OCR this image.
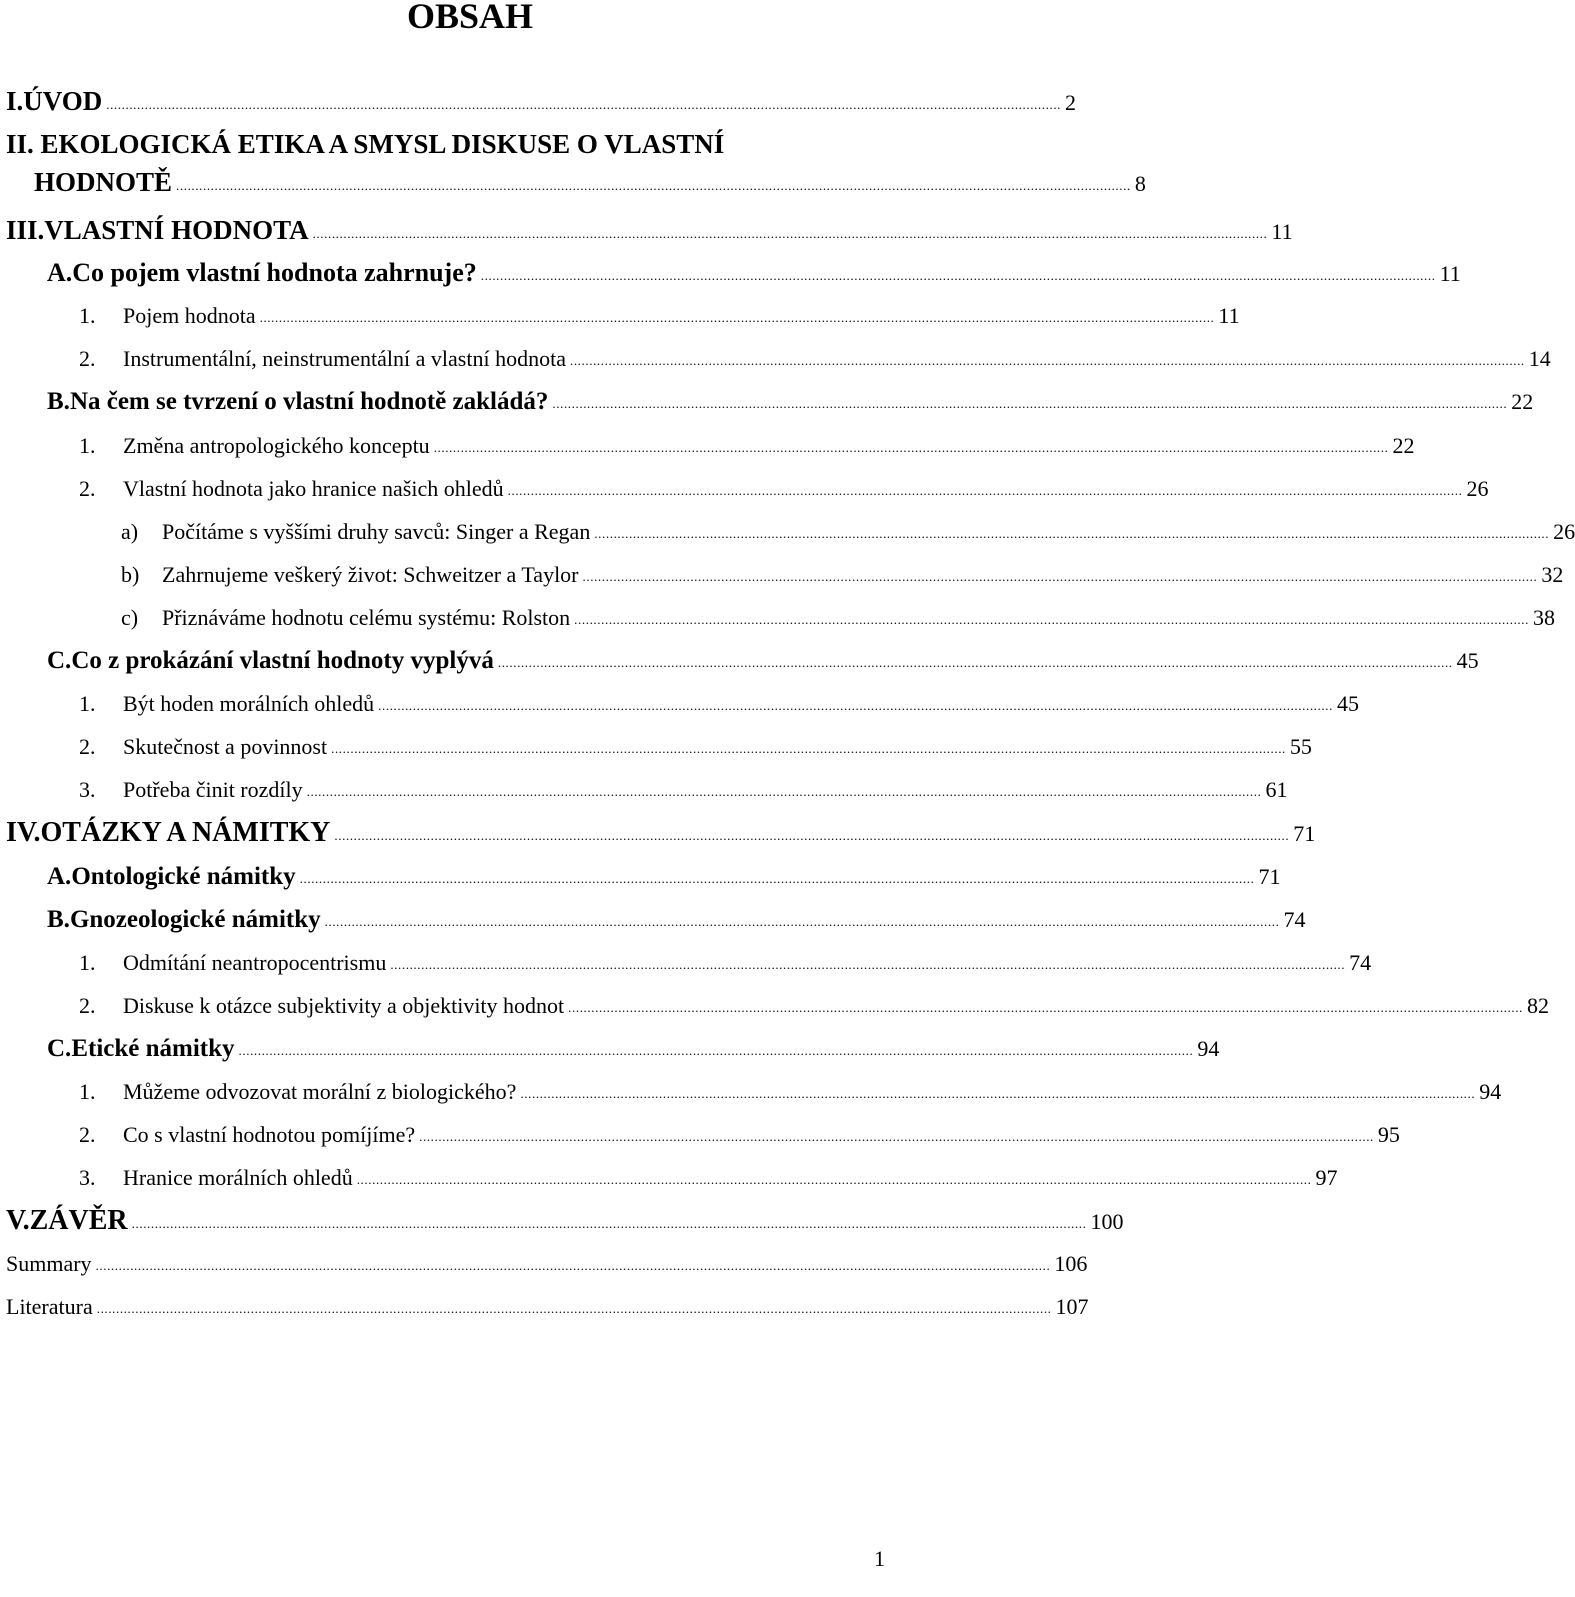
OBSAH
I. ÚVOD ........................................................................................................................................................................................................................................................ 2
II. EKOLOGICKÁ ETIKA A SMYSL DISKUSE O VLASTNÍ
HODNOTĚ ........................................................................................................................................................................................................................................................ 8
III. VLASTNÍ HODNOTA ........................................................................................................................................................................................................................................................ 11
A. Co pojem vlastní hodnota zahrnuje? ........................................................................................................................................................................................................................................................ 11
1.	Pojem hodnota ........................................................................................................................................................................................................................................................ 11
2.	Instrumentální, neinstrumentální a vlastní hodnota ........................................................................................................................................................................................................................................................ 14
B. Na čem se tvrzení o vlastní hodnotě zakládá? ........................................................................................................................................................................................................................................................ 22
1.	Změna antropologického konceptu ........................................................................................................................................................................................................................................................ 22
2.	Vlastní hodnota jako hranice našich ohledů ........................................................................................................................................................................................................................................................ 26
a)	Počítáme s vyššími druhy savců: Singer a Regan ........................................................................................................................................................................................................................................................ 26
b)	Zahrnujeme veškerý život: Schweitzer a Taylor ........................................................................................................................................................................................................................................................ 32
c)	Přiznáváme hodnotu celému systému: Rolston ........................................................................................................................................................................................................................................................ 38
C. Co z prokázání vlastní hodnoty vyplývá ........................................................................................................................................................................................................................................................ 45
1.	Být hoden morálních ohledů ........................................................................................................................................................................................................................................................ 45
2.	Skutečnost a povinnost ........................................................................................................................................................................................................................................................ 55
3.	Potřeba činit rozdíly ........................................................................................................................................................................................................................................................ 61
IV. OTÁZKY A NÁMITKY ........................................................................................................................................................................................................................................................ 71
A. Ontologické námitky ........................................................................................................................................................................................................................................................ 71
B. Gnozeologické námitky ........................................................................................................................................................................................................................................................ 74
1.	Odmítání neantropocentrismu ........................................................................................................................................................................................................................................................ 74
2.	Diskuse k otázce subjektivity a objektivity hodnot ........................................................................................................................................................................................................................................................ 82
C. Etické námitky ........................................................................................................................................................................................................................................................ 94
1.	Můžeme odvozovat morální z biologického? ........................................................................................................................................................................................................................................................ 94
2.	Co s vlastní hodnotou pomíjíme? ........................................................................................................................................................................................................................................................ 95
3.	Hranice morálních ohledů ........................................................................................................................................................................................................................................................ 97
V. ZÁVĚR ........................................................................................................................................................................................................................................................ 100
Summary ........................................................................................................................................................................................................................................................ 106
Literatura ........................................................................................................................................................................................................................................................ 107
1
